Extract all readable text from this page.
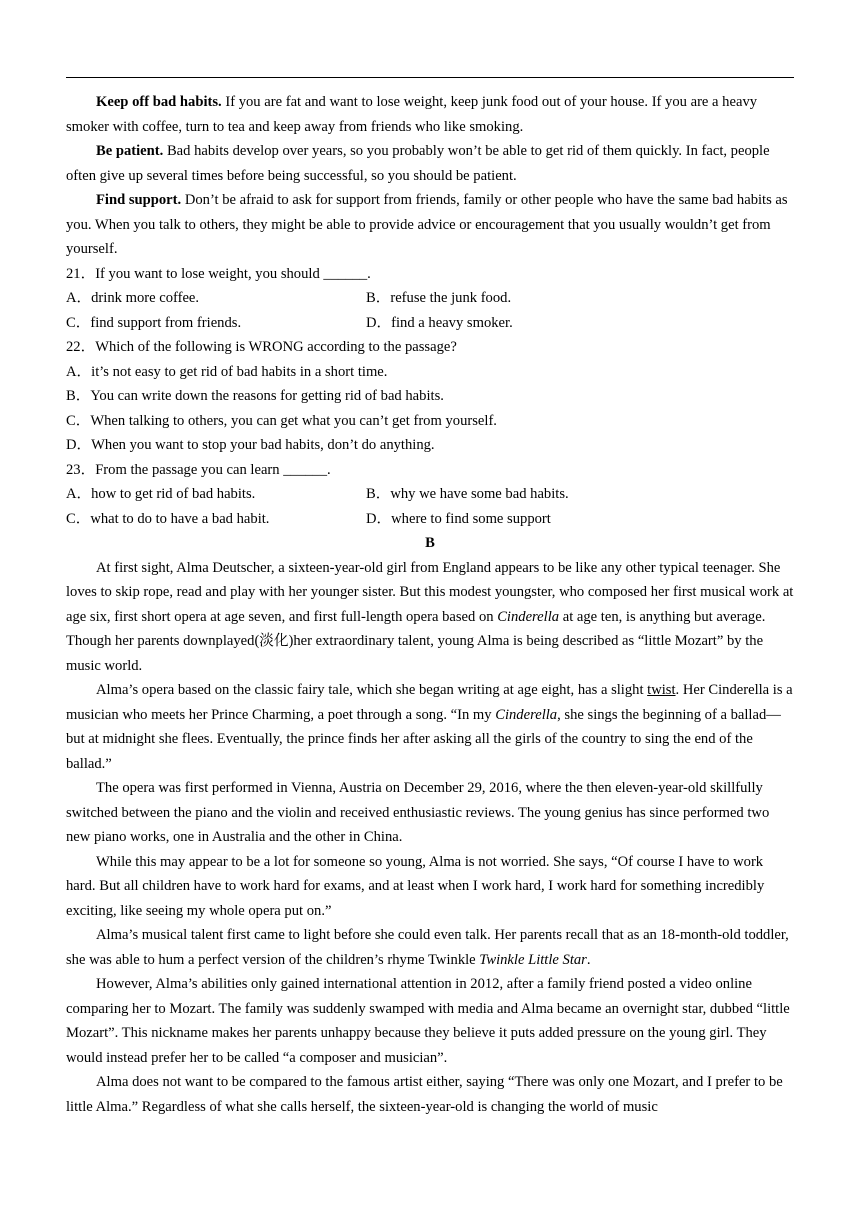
Keep off bad habits. If you are fat and want to lose weight, keep junk food out of your house. If you are a heavy smoker with coffee, turn to tea and keep away from friends who like smoking.

Be patient. Bad habits develop over years, so you probably won’t be able to get rid of them quickly. In fact, people often give up several times before being successful, so you should be patient.

Find support. Don’t be afraid to ask for support from friends, family or other people who have the same bad habits as you. When you talk to others, they might be able to provide advice or encouragement that you usually wouldn’t get from yourself.

21．If you want to lose weight, you should ______.

A．drink more coffee.	B．refuse the junk food.
C．find support from friends.	D．find a heavy smoker.

22．Which of the following is WRONG according to the passage?

A．it’s not easy to get rid of bad habits in a short time.

B．You can write down the reasons for getting rid of bad habits.

C．When talking to others, you can get what you can’t get from yourself.

D．When you want to stop your bad habits, don’t do anything.

23．From the passage you can learn ______.

A．how to get rid of bad habits.	B．why we have some bad habits.
C．what to do to have a bad habit.	D．where to find some support

B

At first sight, Alma Deutscher, a sixteen-year-old girl from England appears to be like any other typical teenager. She loves to skip rope, read and play with her younger sister. But this modest youngster, who composed her first musical work at age six, first short opera at age seven, and first full-length opera based on Cinderella at age ten, is anything but average. Though her parents downplayed(淡化)her extraordinary talent, young Alma is being described as “little Mozart” by the music world.

Alma’s opera based on the classic fairy tale, which she began writing at age eight, has a slight twist. Her Cinderella is a musician who meets her Prince Charming, a poet through a song. “In my Cinderella, she sings the beginning of a ballad—but at midnight she flees. Eventually, the prince finds her after asking all the girls of the country to sing the end of the ballad.”

The opera was first performed in Vienna, Austria on December 29, 2016, where the then eleven-year-old skillfully switched between the piano and the violin and received enthusiastic reviews. The young genius has since performed two new piano works, one in Australia and the other in China.

While this may appear to be a lot for someone so young, Alma is not worried. She says, “Of course I have to work hard. But all children have to work hard for exams, and at least when I work hard, I work hard for something incredibly exciting, like seeing my whole opera put on.”

Alma’s musical talent first came to light before she could even talk. Her parents recall that as an 18-month-old toddler, she was able to hum a perfect version of the children’s rhyme Twinkle Twinkle Little Star.

However, Alma’s abilities only gained international attention in 2012, after a family friend posted a video online comparing her to Mozart. The family was suddenly swamped with media and Alma became an overnight star, dubbed “little Mozart”. This nickname makes her parents unhappy because they believe it puts added pressure on the young girl. They would instead prefer her to be called “a composer and musician”.

Alma does not want to be compared to the famous artist either, saying “There was only one Mozart, and I prefer to be little Alma.” Regardless of what she calls herself, the sixteen-year-old is changing the world of music
